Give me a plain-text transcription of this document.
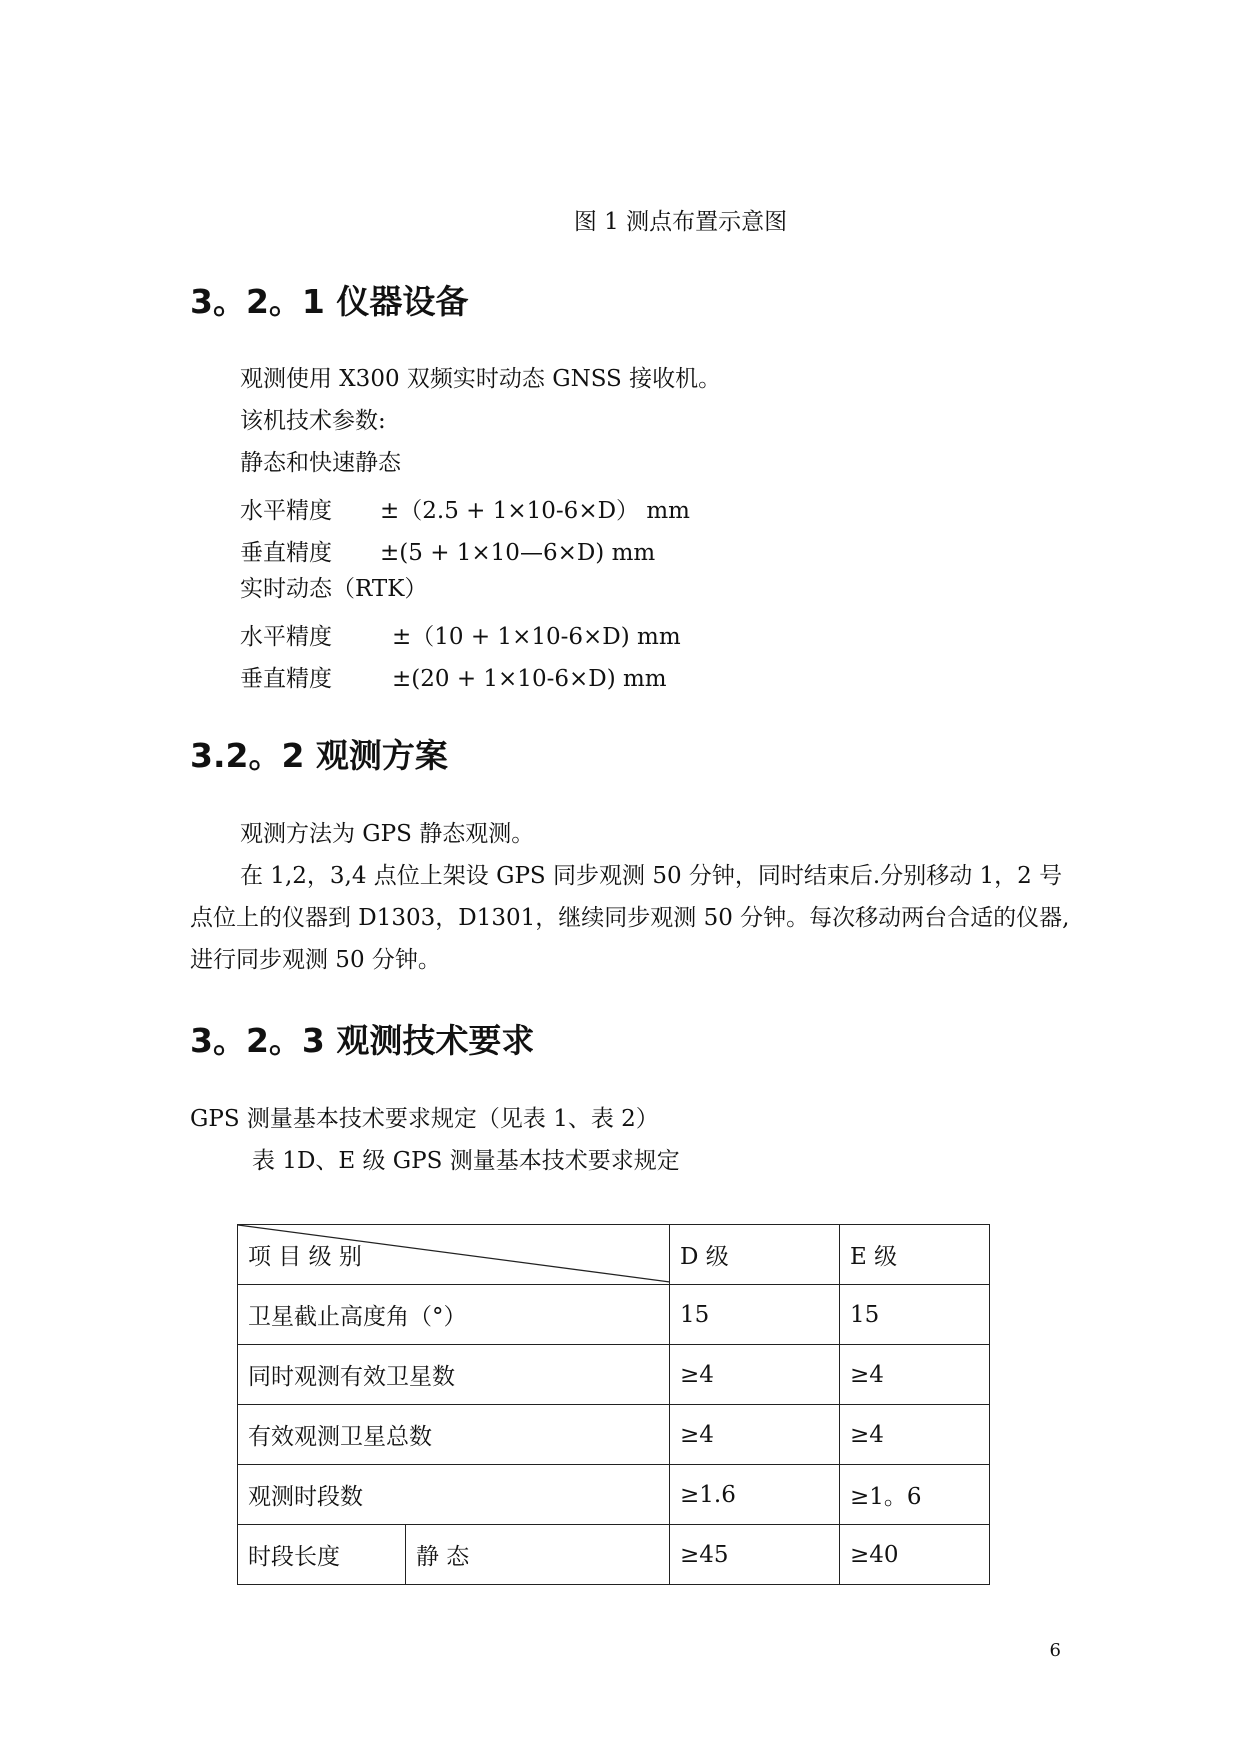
图 1 测点布置示意图
3。2。1 仪器设备
观测使用 X300 双频实时动态 GNSS 接收机。
该机技术参数:
静态和快速静态
水平精度 ±（2.5 + 1×10-6×D） mm
垂直精度 ±(5 + 1×10—6×D) mm
实时动态（RTK）
水平精度	±（10 + 1×10-6×D) mm
垂直精度	±(20 + 1×10-6×D) mm
3.2。2 观测方案
观测方法为 GPS 静态观测。
在 1,2，3,4 点位上架设 GPS 同步观测 50 分钟，同时结束后.分别移动 1，2 号点位上的仪器到 D1303，D1301，继续同步观测 50 分钟。每次移动两台合适的仪器,进行同步观测 50 分钟。
3。2。3 观测技术要求
GPS 测量基本技术要求规定（见表 1、表 2）
表 1D、E 级 GPS 测量基本技术要求规定
项 目 级 别		D 级	E 级
卫星截止高度角（°）		15	15
同时观测有效卫星数		≥4	≥4
有效观测卫星总数		≥4	≥4
观测时段数		≥1.6	≥1。6
时段长度	静 态	≥45	≥40
6
